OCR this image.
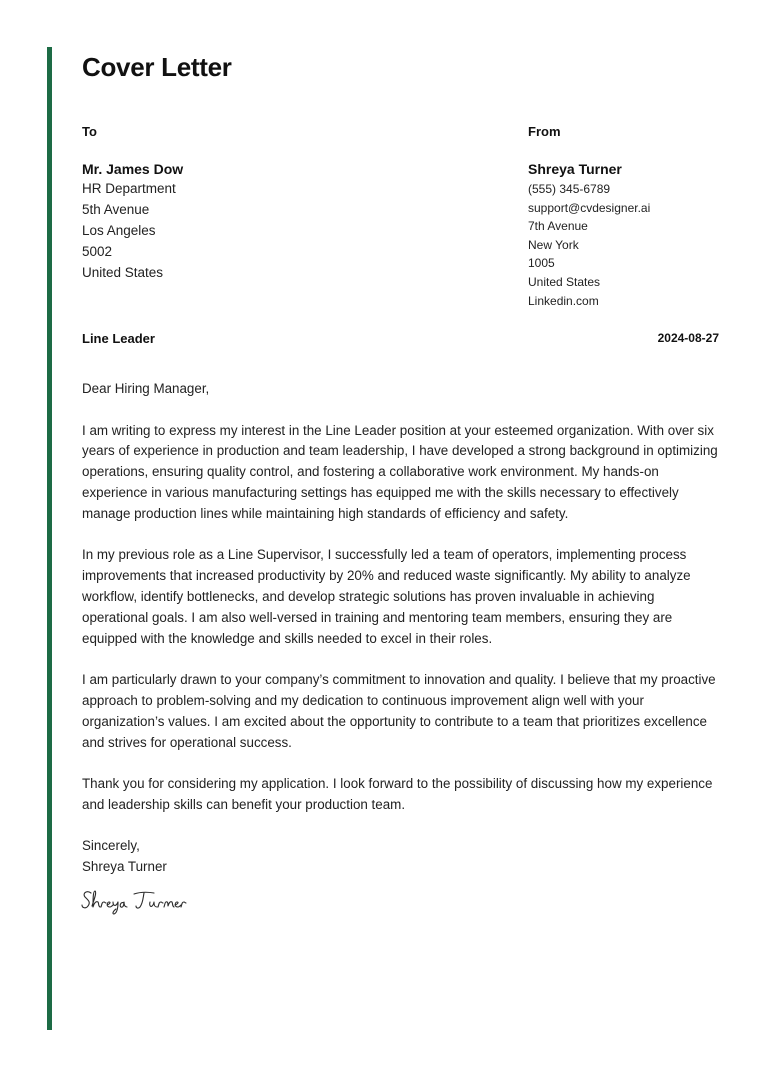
Cover Letter
To
Mr. James Dow
HR Department
5th Avenue
Los Angeles
5002
United States
From
Shreya Turner
(555) 345-6789
support@cvdesigner.ai
7th Avenue
New York
1005
United States
Linkedin.com
Line Leader	2024-08-27

Dear Hiring Manager,

I am writing to express my interest in the Line Leader position at your esteemed organization. With over six years of experience in production and team leadership, I have developed a strong background in optimizing operations, ensuring quality control, and fostering a collaborative work environment. My hands-on experience in various manufacturing settings has equipped me with the skills necessary to effectively manage production lines while maintaining high standards of efficiency and safety.

In my previous role as a Line Supervisor, I successfully led a team of operators, implementing process improvements that increased productivity by 20% and reduced waste significantly. My ability to analyze workflow, identify bottlenecks, and develop strategic solutions has proven invaluable in achieving operational goals. I am also well-versed in training and mentoring team members, ensuring they are equipped with the knowledge and skills needed to excel in their roles.

I am particularly drawn to your company’s commitment to innovation and quality. I believe that my proactive approach to problem-solving and my dedication to continuous improvement align well with your organization’s values. I am excited about the opportunity to contribute to a team that prioritizes excellence and strives for operational success.

Thank you for considering my application. I look forward to the possibility of discussing how my experience and leadership skills can benefit your production team.

Sincerely,
Shreya Turner
